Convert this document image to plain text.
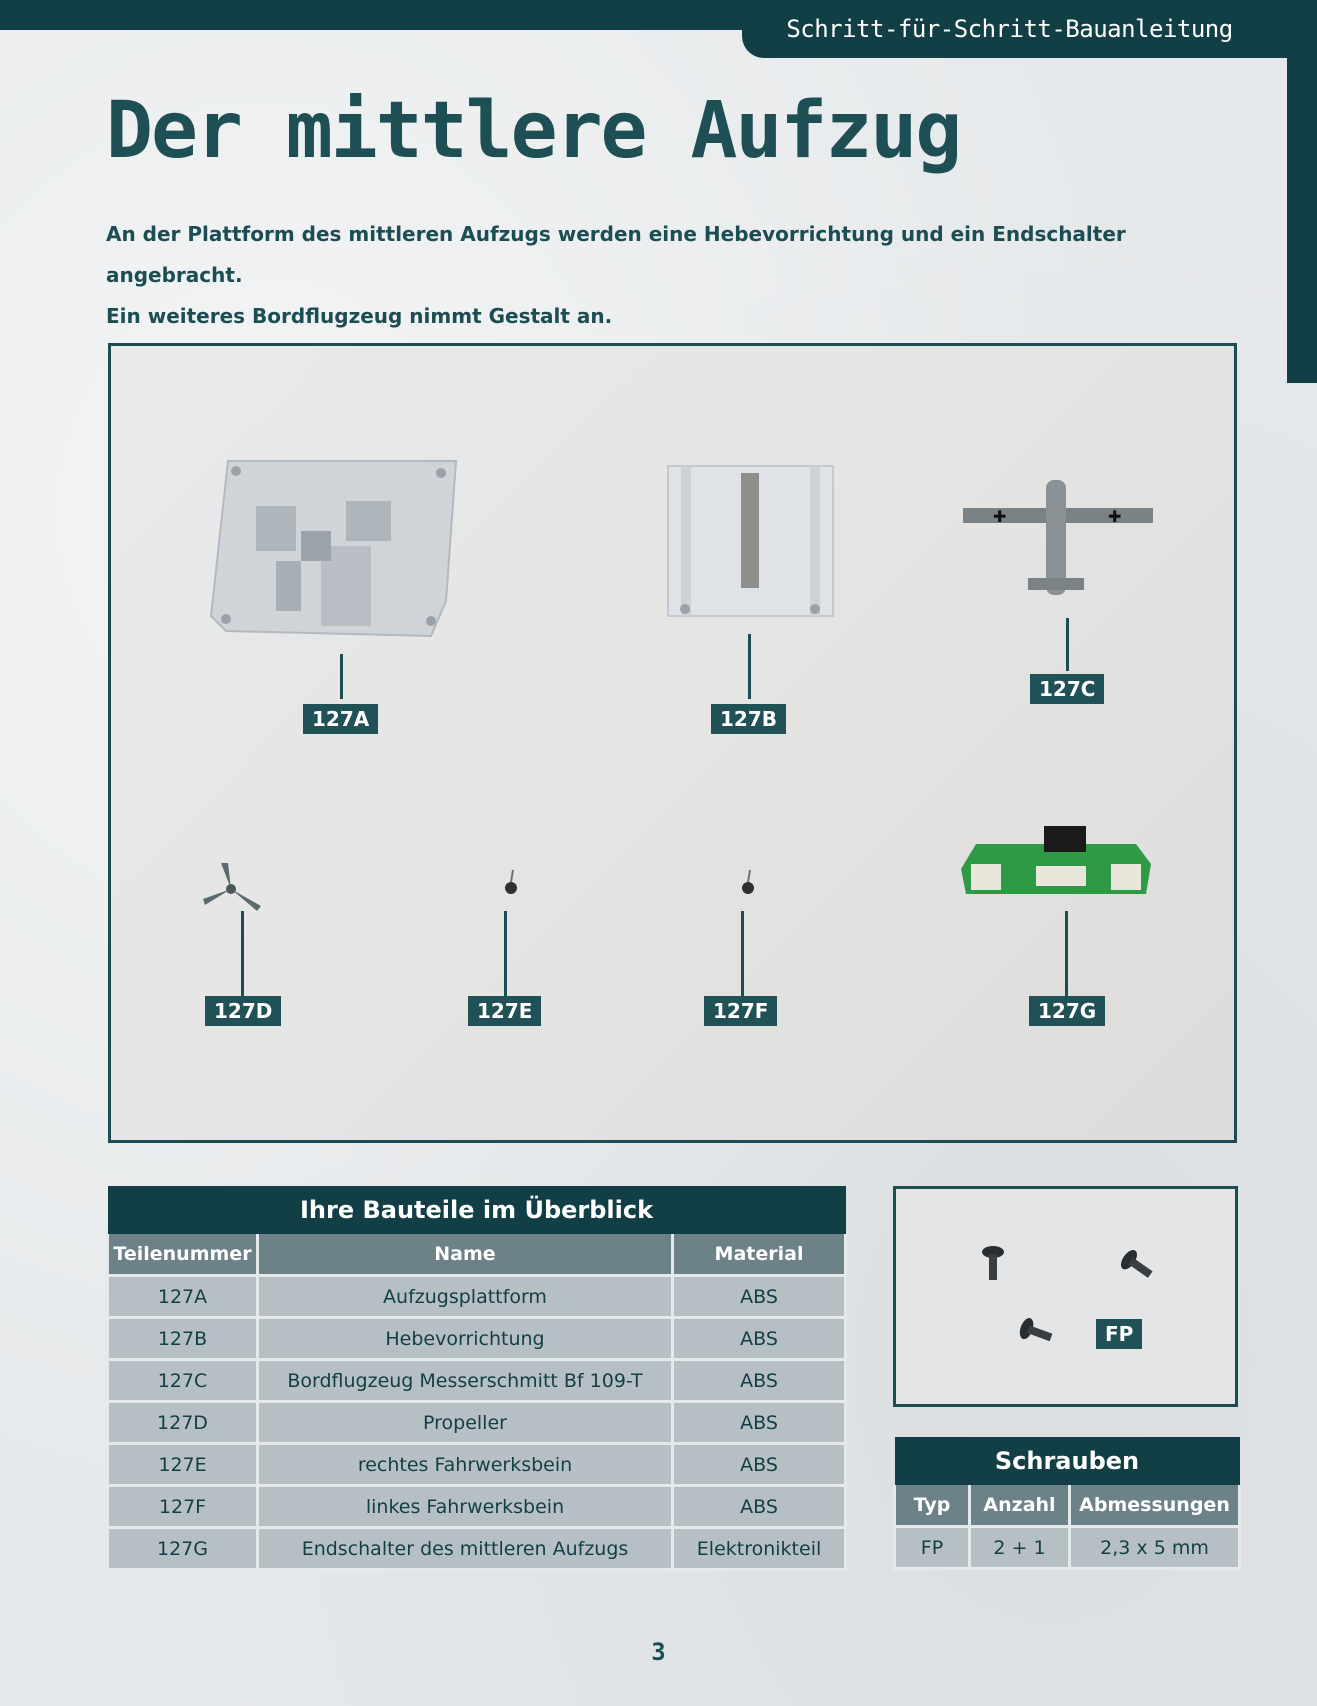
Schritt-für-Schritt-Bauanleitung
Der mittlere Aufzug

An der Plattform des mittleren Aufzugs werden eine Hebevorrichtung und ein Endschalter angebracht.

Ein weiteres Bordflugzeug nimmt Gestalt an.

✚	✚
127A	127B
127C
127D	127E	127F	127G
Ihre Bauteile im Überblick		
Teilenummer	Name	Material
127A	Aufzugsplattform	ABS
127B	Hebevorrichtung	ABS
127C	Bordflugzeug Messerschmitt Bf 109-T	ABS
127D	Propeller	ABS
127E	rechtes Fahrwerksbein	ABS
127F	linkes Fahrwerksbein	ABS
127G	Endschalter des mittleren Aufzugs	Elektronikteil
FP
Schrauben		
Typ	Anzahl	Abmessungen
FP	2 + 1	2,3 x 5 mm
3
